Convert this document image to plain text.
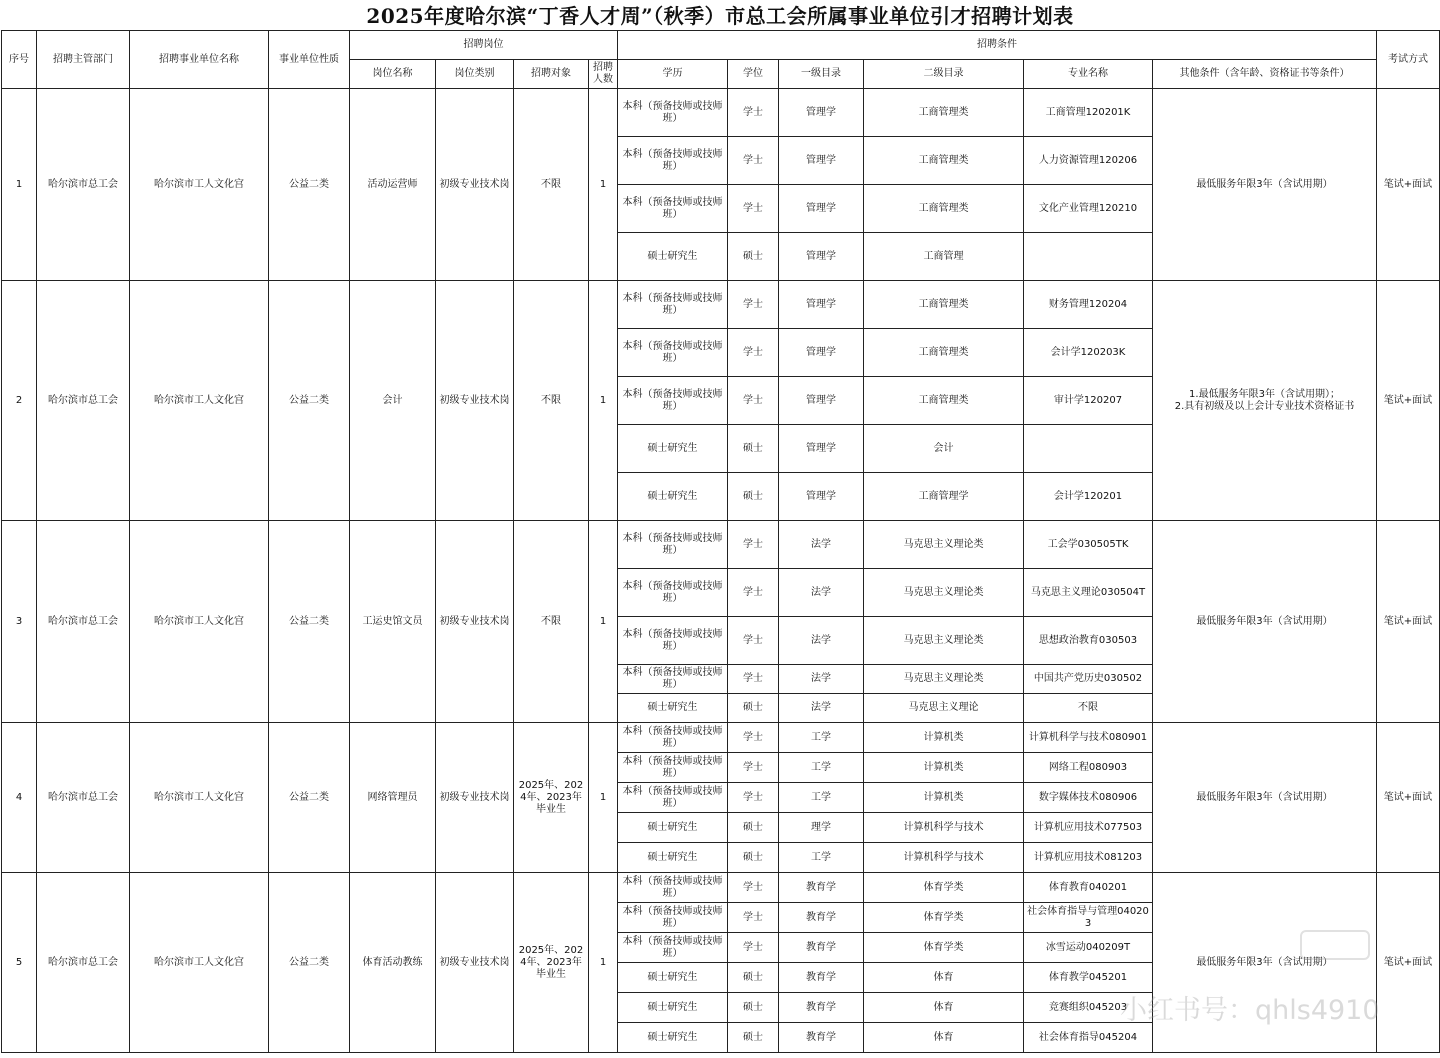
2025年度哈尔滨“丁香人才周”（秋季）市总工会所属事业单位引才招聘计划表
序号	招聘主管部门	招聘事业单位名称	事业单位性质	招聘岗位				招聘条件						考试方式
				岗位名称	岗位类别	招聘对象	招聘人数	学历	学位	一级目录	二级目录	专业名称	其他条件（含年龄、资格证书等条件）	
1	哈尔滨市总工会	哈尔滨市工人文化宫	公益二类	活动运营师	初级专业技术岗	不限	1	本科（预备技师或技师班）	学士	管理学	工商管理类	工商管理120201K	最低服务年限3年（含试用期）	笔试+面试
								本科（预备技师或技师班）	学士	管理学	工商管理类	人力资源管理120206		
								本科（预备技师或技师班）	学士	管理学	工商管理类	文化产业管理120210		
								硕士研究生	硕士	管理学	工商管理			
2	哈尔滨市总工会	哈尔滨市工人文化宫	公益二类	会计	初级专业技术岗	不限	1	本科（预备技师或技师班）	学士	管理学	工商管理类	财务管理120204	1.最低服务年限3年（含试用期）；
2.具有初级及以上会计专业技术资格证书	笔试+面试
								本科（预备技师或技师班）	学士	管理学	工商管理类	会计学120203K		
								本科（预备技师或技师班）	学士	管理学	工商管理类	审计学120207		
								硕士研究生	硕士	管理学	会计			
								硕士研究生	硕士	管理学	工商管理学	会计学120201		
3	哈尔滨市总工会	哈尔滨市工人文化宫	公益二类	工运史馆文员	初级专业技术岗	不限	1	本科（预备技师或技师班）	学士	法学	马克思主义理论类	工会学030505TK	最低服务年限3年（含试用期）	笔试+面试
								本科（预备技师或技师班）	学士	法学	马克思主义理论类	马克思主义理论030504T		
								本科（预备技师或技师班）	学士	法学	马克思主义理论类	思想政治教育030503		
								本科（预备技师或技师班）	学士	法学	马克思主义理论类	中国共产党历史030502		
								硕士研究生	硕士	法学	马克思主义理论	不限		
4	哈尔滨市总工会	哈尔滨市工人文化宫	公益二类	网络管理员	初级专业技术岗	2025年、2024年、2023年毕业生	1	本科（预备技师或技师班）	学士	工学	计算机类	计算机科学与技术080901	最低服务年限3年（含试用期）	笔试+面试
								本科（预备技师或技师班）	学士	工学	计算机类	网络工程080903		
								本科（预备技师或技师班）	学士	工学	计算机类	数字媒体技术080906		
								硕士研究生	硕士	理学	计算机科学与技术	计算机应用技术077503		
								硕士研究生	硕士	工学	计算机科学与技术	计算机应用技术081203		
5	哈尔滨市总工会	哈尔滨市工人文化宫	公益二类	体育活动教练	初级专业技术岗	2025年、2024年、2023年毕业生	1	本科（预备技师或技师班）	学士	教育学	体育学类	体育教育040201	最低服务年限3年（含试用期）	笔试+面试
								本科（预备技师或技师班）	学士	教育学	体育学类	社会体育指导与管理040203		
								本科（预备技师或技师班）	学士	教育学	体育学类	冰雪运动040209T		
								硕士研究生	硕士	教育学	体育	体育教学045201		
								硕士研究生	硕士	教育学	体育	竞赛组织045203		
								硕士研究生	硕士	教育学	体育	社会体育指导045204		
小红书号：qhls4910
